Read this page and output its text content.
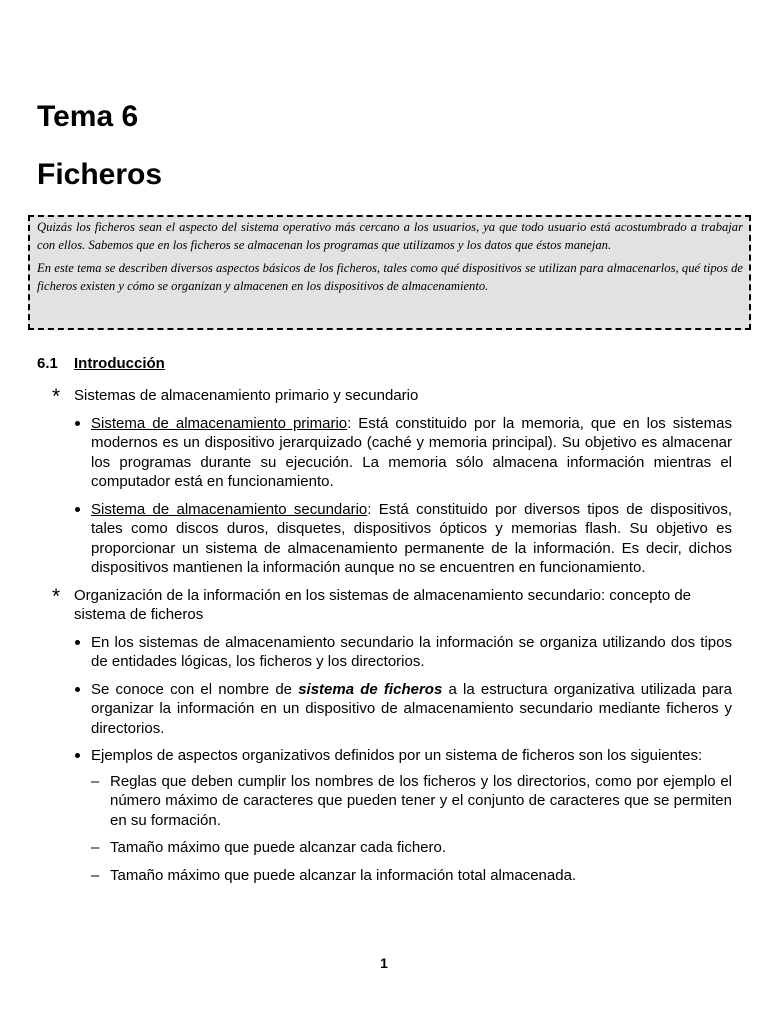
Tema 6
Ficheros

Quizás los ficheros sean el aspecto del sistema operativo más cercano a los usuarios, ya que todo usuario está acostumbrado a trabajar con ellos. Sabemos que en los ficheros se almacenan los programas que utilizamos y los datos que éstos manejan.

En este tema se describen diversos aspectos básicos de los ficheros, tales como qué dispositivos se utilizan para almacenarlos, qué tipos de ficheros existen y cómo se organizan y almacenen en los dispositivos de almacenamiento.

6.1 Introducción
* Sistemas de almacenamiento primario y secundario

Sistema de almacenamiento primario: Está constituido por la memoria, que en los sistemas modernos es un dispositivo jerarquizado (caché y memoria principal). Su objetivo es almacenar los programas durante su ejecución. La memoria sólo almacena información mientras el computador está en funcionamiento.
Sistema de almacenamiento secundario: Está constituido por diversos tipos de dispositivos, tales como discos duros, disquetes, dispositivos ópticos y memorias flash. Su objetivo es proporcionar un sistema de almacenamiento permanente de la información. Es decir, dichos dispositivos mantienen la información aunque no se encuentren en funcionamiento.
* Organización de la información en los sistemas de almacenamiento secundario: concepto de sistema de ficheros

En los sistemas de almacenamiento secundario la información se organiza utilizando dos tipos de entidades lógicas, los ficheros y los directorios.
Se conoce con el nombre de sistema de ficheros a la estructura organizativa utilizada para organizar la información en un dispositivo de almacenamiento secundario mediante ficheros y directorios.
Ejemplos de aspectos organizativos definidos por un sistema de ficheros son los siguientes:
– Reglas que deben cumplir los nombres de los ficheros y los directorios, como por ejemplo el número máximo de caracteres que pueden tener y el conjunto de caracteres que se permiten en su formación.
– Tamaño máximo que puede alcanzar cada fichero.
– Tamaño máximo que puede alcanzar la información total almacenada.
1
